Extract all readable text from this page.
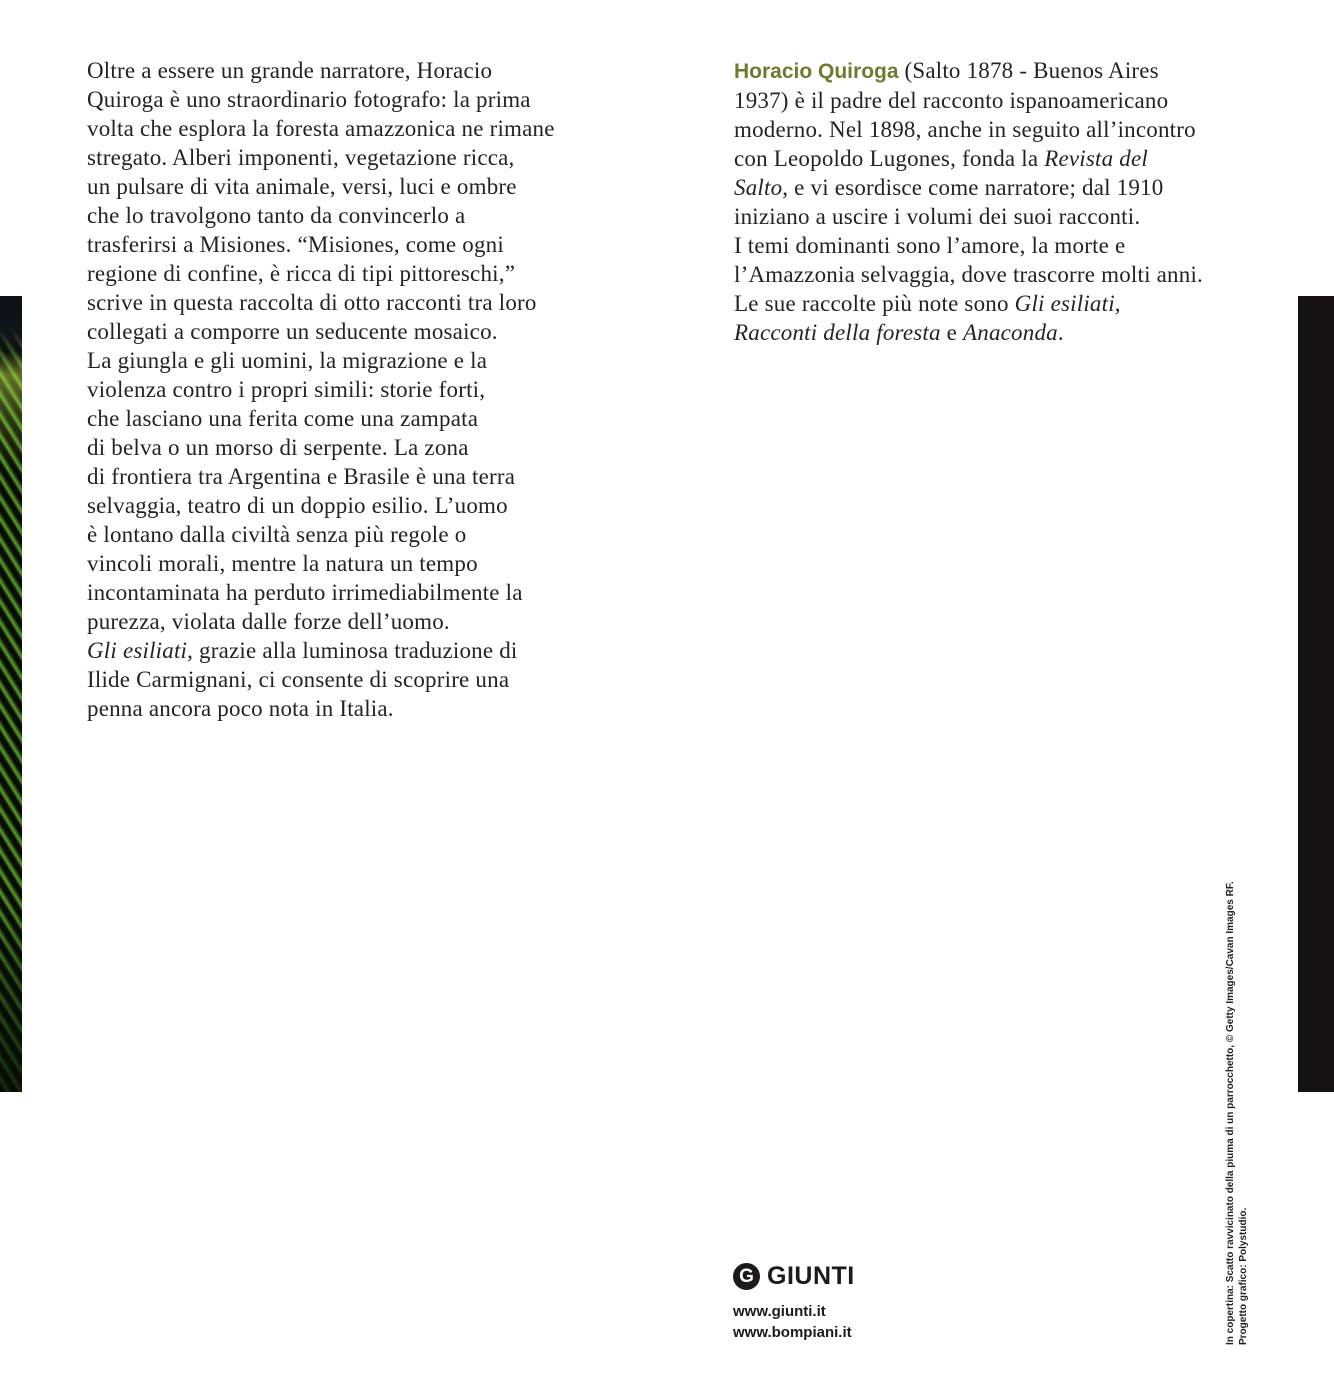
Oltre a essere un grande narratore, Horacio
Quiroga è uno straordinario fotografo: la prima
volta che esplora la foresta amazzonica ne rimane
stregato. Alberi imponenti, vegetazione ricca,
un pulsare di vita animale, versi, luci e ombre
che lo travolgono tanto da convincerlo a
trasferirsi a Misiones. “Misiones, come ogni
regione di confine, è ricca di tipi pittoreschi,”
scrive in questa raccolta di otto racconti tra loro
collegati a comporre un seducente mosaico.
La giungla e gli uomini, la migrazione e la
violenza contro i propri simili: storie forti,
che lasciano una ferita come una zampata
di belva o un morso di serpente. La zona
di frontiera tra Argentina e Brasile è una terra
selvaggia, teatro di un doppio esilio. L’uomo
è lontano dalla civiltà senza più regole o
vincoli morali, mentre la natura un tempo
incontaminata ha perduto irrimediabilmente la
purezza, violata dalle forze dell’uomo.
Gli esiliati, grazie alla luminosa traduzione di
Ilide Carmignani, ci consente di scoprire una
penna ancora poco nota in Italia.
Horacio Quiroga (Salto 1878 - Buenos Aires
1937) è il padre del racconto ispanoamericano
moderno. Nel 1898, anche in seguito all’incontro
con Leopoldo Lugones, fonda la Revista del
Salto, e vi esordisce come narratore; dal 1910
iniziano a uscire i volumi dei suoi racconti.
I temi dominanti sono l’amore, la morte e
l’Amazzonia selvaggia, dove trascorre molti anni.
Le sue raccolte più note sono Gli esiliati,
Racconti della foresta e Anaconda.
In copertina: Scatto ravvicinato della piuma di un parrocchetto, © Getty Images/Cavan Images RF. Progetto grafico: Polystudio.
G GIUNTI
www.giunti.it
www.bompiani.it
